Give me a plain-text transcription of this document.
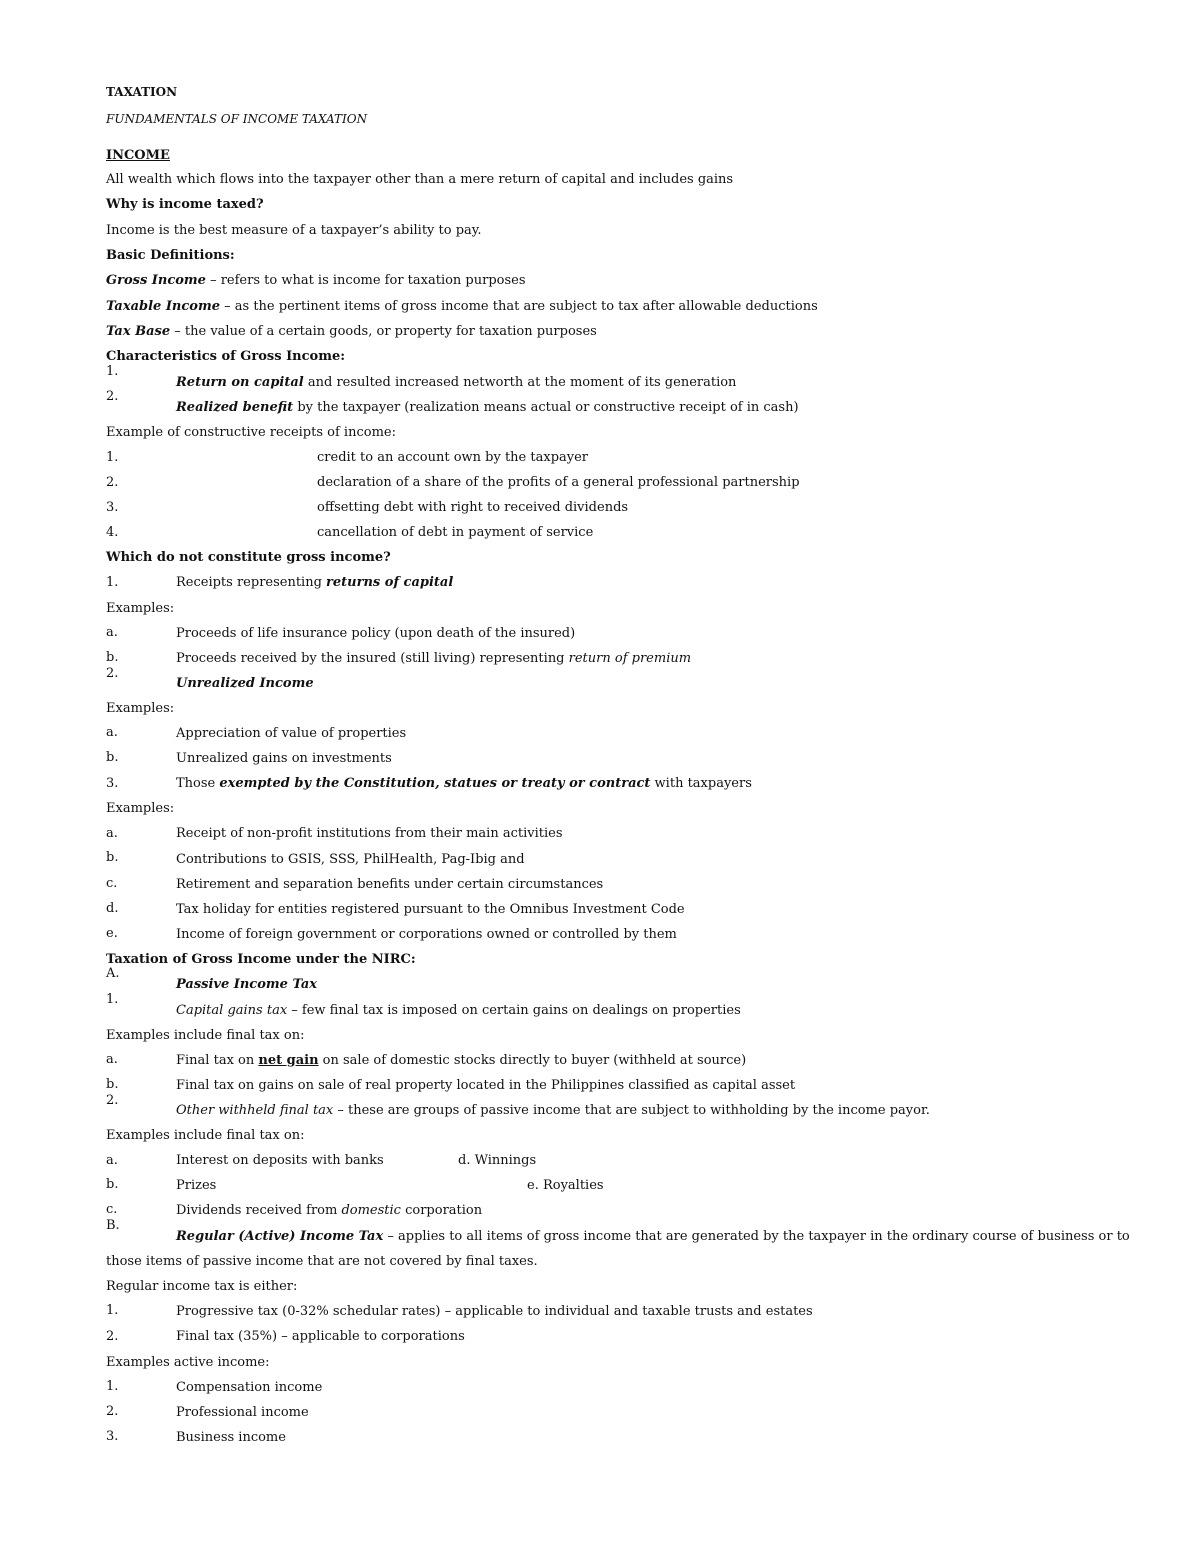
TAXATION
FUNDAMENTALS OF INCOME TAXATION
INCOME
All wealth which flows into the taxpayer other than a mere return of capital and includes gains
Why is income taxed?
Income is the best measure of a taxpayer’s ability to pay.
Basic Definitions:
Gross Income – refers to what is income for taxation purposes
Taxable Income – as the pertinent items of gross income that are subject to tax after allowable deductions
Tax Base – the value of a certain goods, or property for taxation purposes
Characteristics of Gross Income:
1.
Return on capital and resulted increased networth at the moment of its generation
2.
Realized benefit by the taxpayer (realization means actual or constructive receipt of in cash)
Example of constructive receipts of income:
1.	credit to an account own by the taxpayer
2.	declaration of a share of the profits of a general professional partnership
3.	offsetting debt with right to received dividends
4.	cancellation of debt in payment of service
Which do not constitute gross income?
1.	Receipts representing returns of capital
Examples:
a.	Proceeds of life insurance policy (upon death of the insured)
b.	Proceeds received by the insured (still living) representing return of premium
2.
Unrealized Income
Examples:
a.	Appreciation of value of properties
b.	Unrealized gains on investments
3.	Those exempted by the Constitution, statues or treaty or contract with taxpayers
Examples:
a.	Receipt of non-profit institutions from their main activities
b.	Contributions to GSIS, SSS, PhilHealth, Pag-Ibig and
c.	Retirement and separation benefits under certain circumstances
d.	Tax holiday for entities registered pursuant to the Omnibus Investment Code
e.	Income of foreign government or corporations owned or controlled by them
Taxation of Gross Income under the NIRC:
A.
Passive Income Tax
1.
Capital gains tax – few final tax is imposed on certain gains on dealings on properties
Examples include final tax on:
a.	Final tax on net gain on sale of domestic stocks directly to buyer (withheld at source)
b.	Final tax on gains on sale of real property located in the Philippines classified as capital asset
2.
Other withheld final tax – these are groups of passive income that are subject to withholding by the income payor.
Examples include final tax on:
a.	Interest on deposits with banks	d. Winnings
b.	Prizes	e. Royalties
c.	Dividends received from domestic corporation
B.
Regular (Active) Income Tax – applies to all items of gross income that are generated by the taxpayer in the ordinary course of business or to
those items of passive income that are not covered by final taxes.
Regular income tax is either:
1.	Progressive tax (0-32% schedular rates) – applicable to individual and taxable trusts and estates
2.	Final tax (35%) – applicable to corporations
Examples active income:
1.	Compensation income
2.	Professional income
3.	Business income
